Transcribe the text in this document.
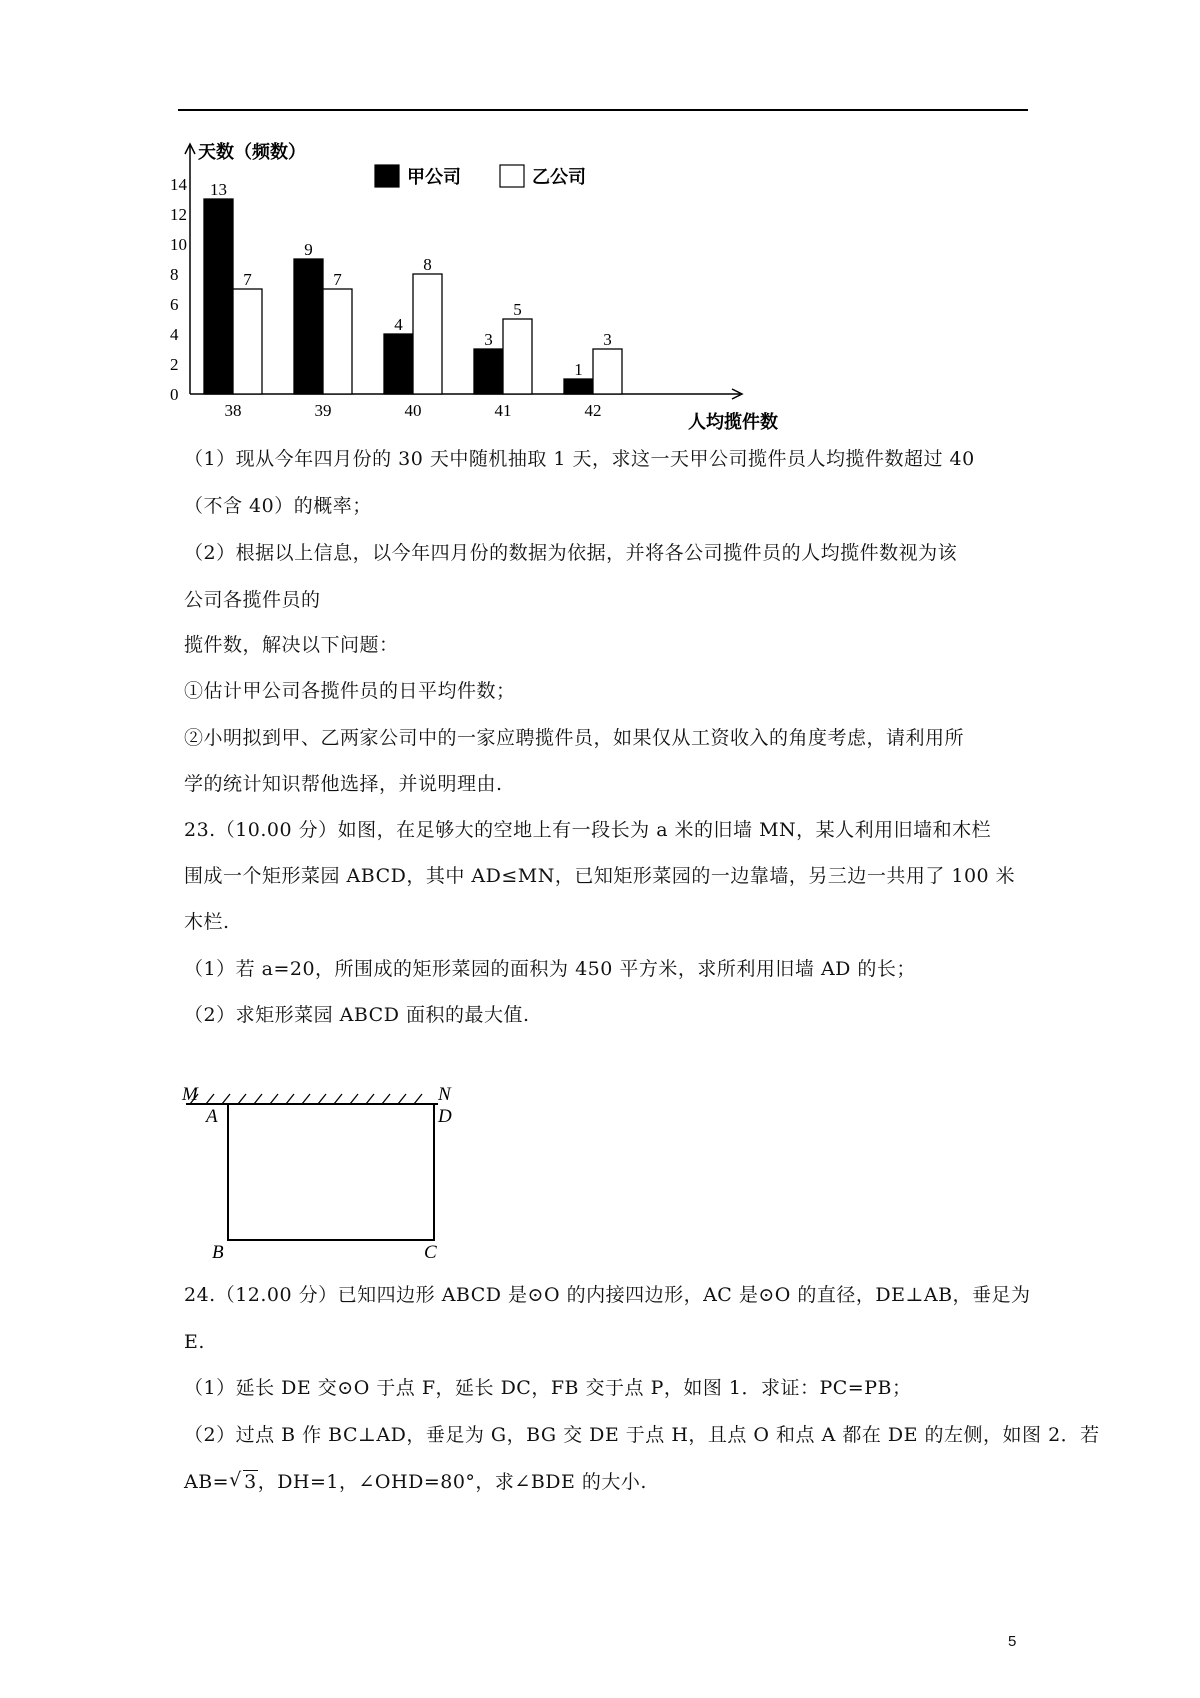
天数（频数）
人均揽件数
0
2
4
6
8
10
12
14	甲公司	乙公司
13
7
38
9
7
39
4
8
40
3
5
41
1
3
42
（1）现从今年四月份的 30 天中随机抽取 1 天，求这一天甲公司揽件员人均揽件数超过 40
（不含 40）的概率；
（2）根据以上信息，以今年四月份的数据为依据，并将各公司揽件员的人均揽件数视为该
公司各揽件员的
揽件数，解决以下问题：
①估计甲公司各揽件员的日平均件数；
②小明拟到甲、乙两家公司中的一家应聘揽件员，如果仅从工资收入的角度考虑，请利用所
学的统计知识帮他选择，并说明理由.
23.（10.00 分）如图，在足够大的空地上有一段长为 a 米的旧墙 MN，某人利用旧墙和木栏
围成一个矩形菜园 ABCD，其中 AD≤MN，已知矩形菜园的一边靠墙，另三边一共用了 100 米
木栏.
（1）若 a=20，所围成的矩形菜园的面积为 450 平方米，求所利用旧墙 AD 的长；
（2）求矩形菜园 ABCD 面积的最大值.
M	N
A	D
B	C
24.（12.00 分）已知四边形 ABCD 是⊙O 的内接四边形，AC 是⊙O 的直径，DE⊥AB，垂足为
E.
（1）延长 DE 交⊙O 于点 F，延长 DC，FB 交于点 P，如图 1．求证：PC=PB；
（2）过点 B 作 BC⊥AD，垂足为 G，BG 交 DE 于点 H，且点 O 和点 A 都在 DE 的左侧，如图 2．若
AB=√ 3，DH=1，∠OHD=80°，求∠BDE 的大小.
5
